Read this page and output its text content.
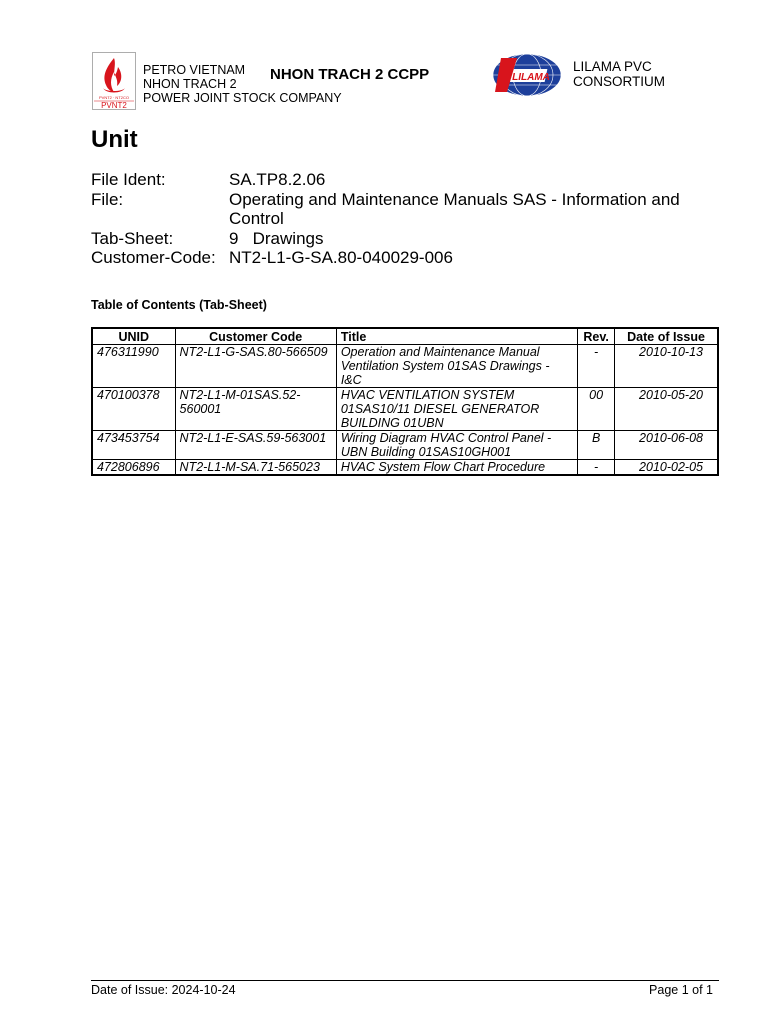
PVNT2 · NT2CO
PVNT2
PETRO VIETNAM
NHON TRACH 2
POWER JOINT STOCK COMPANY
NHON TRACH 2 CCPP	LILAMA
LILAMA PVC
CONSORTIUM
Unit
File Ident:	SA.TP8.2.06
File:	Operating and Maintenance Manuals SAS - Information and Control
Tab-Sheet:	9   Drawings
Customer-Code: NT2-L1-G-SA.80-040029-006
Table of Contents (Tab-Sheet)
UNID	Customer Code	Title	Rev.	Date of Issue
476311990	NT2-L1-G-SAS.80-566509	Operation and Maintenance Manual Ventilation System 01SAS Drawings - I&C	-	2010-10-13
470100378	NT2-L1-M-01SAS.52-560001	HVAC VENTILATION SYSTEM 01SAS10/11 DIESEL GENERATOR BUILDING 01UBN	00	2010-05-20
473453754	NT2-L1-E-SAS.59-563001	Wiring Diagram HVAC Control Panel - UBN Building 01SAS10GH001	B	2010-06-08
472806896	NT2-L1-M-SA.71-565023	HVAC System Flow Chart Procedure	-	2010-02-05
Date of Issue: 2024-10-24	Page 1 of 1
